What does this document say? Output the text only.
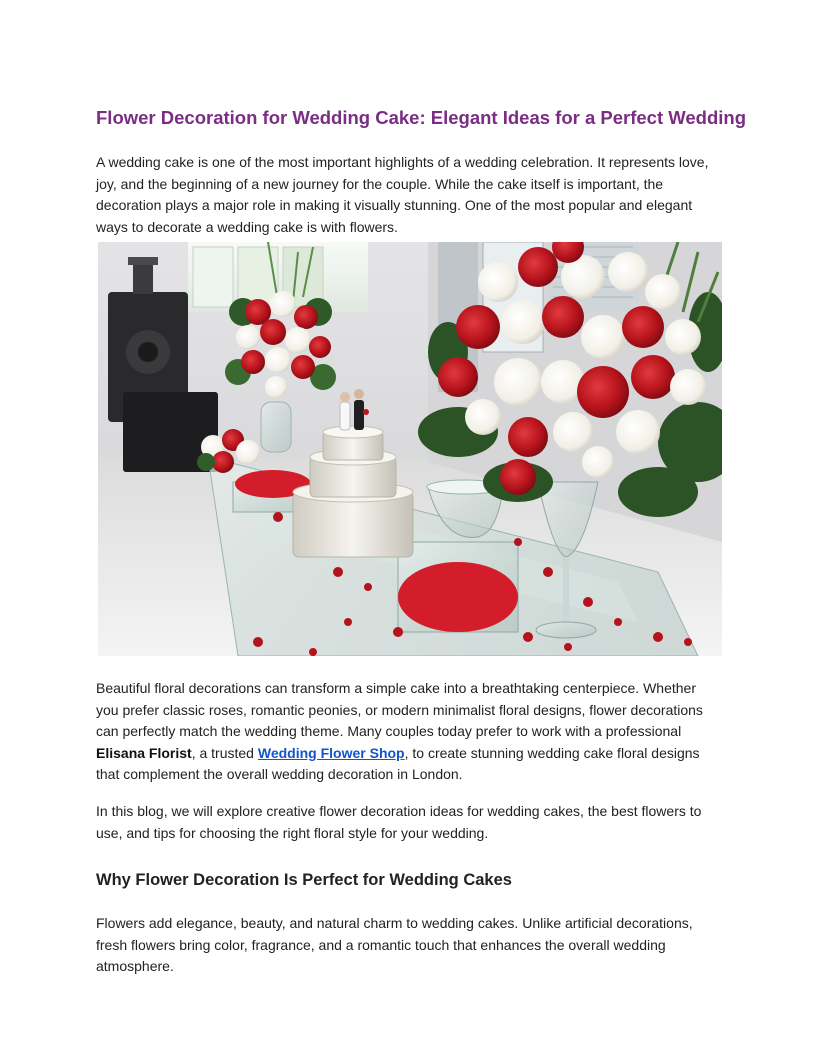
Flower Decoration for Wedding Cake: Elegant Ideas for a Perfect Wedding

A wedding cake is one of the most important highlights of a wedding celebration. It represents love, joy, and the beginning of a new journey for the couple. While the cake itself is important, the decoration plays a major role in making it visually stunning. One of the most popular and elegant ways to decorate a wedding cake is with flowers.

Beautiful floral decorations can transform a simple cake into a breathtaking centerpiece. Whether you prefer classic roses, romantic peonies, or modern minimalist floral designs, flower decorations can perfectly match the wedding theme. Many couples today prefer to work with a professional Elisana Florist, a trusted Wedding Flower Shop, to create stunning wedding cake floral designs that complement the overall wedding decoration in London.

In this blog, we will explore creative flower decoration ideas for wedding cakes, the best flowers to use, and tips for choosing the right floral style for your wedding.

Why Flower Decoration Is Perfect for Wedding Cakes

Flowers add elegance, beauty, and natural charm to wedding cakes. Unlike artificial decorations, fresh flowers bring color, fragrance, and a romantic touch that enhances the overall wedding atmosphere.
